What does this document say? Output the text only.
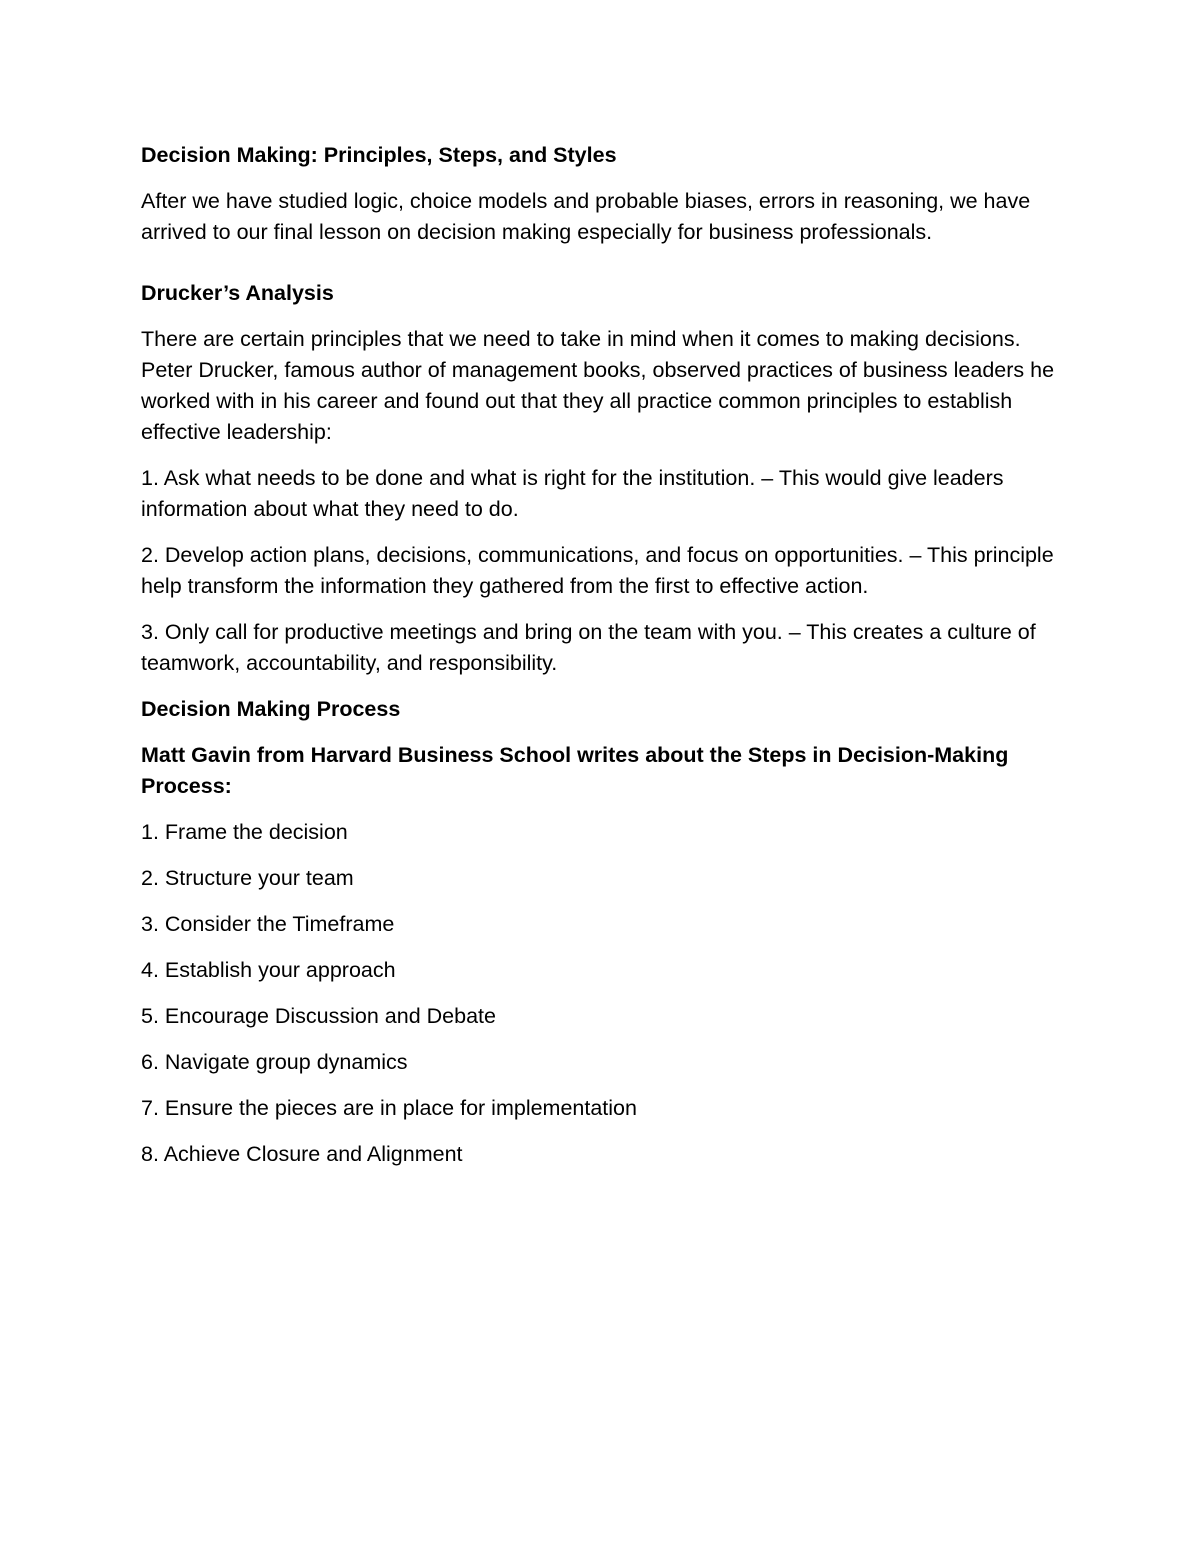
Decision Making: Principles, Steps, and Styles

After we have studied logic, choice models and probable biases, errors in reasoning, we have arrived to our final lesson on decision making especially for business professionals.

Drucker’s Analysis

There are certain principles that we need to take in mind when it comes to making decisions. Peter Drucker, famous author of management books, observed practices of business leaders he worked with in his career and found out that they all practice common principles to establish effective leadership:

1. Ask what needs to be done and what is right for the institution. – This would give leaders information about what they need to do.

2. Develop action plans, decisions, communications, and focus on opportunities. – This principle help transform the information they gathered from the first to effective action.

3. Only call for productive meetings and bring on the team with you. – This creates a culture of teamwork, accountability, and responsibility.

Decision Making Process

Matt Gavin from Harvard Business School writes about the Steps in Decision-Making Process:

1. Frame the decision

2. Structure your team

3. Consider the Timeframe

4. Establish your approach

5. Encourage Discussion and Debate

6. Navigate group dynamics

7. Ensure the pieces are in place for implementation

8. Achieve Closure and Alignment
